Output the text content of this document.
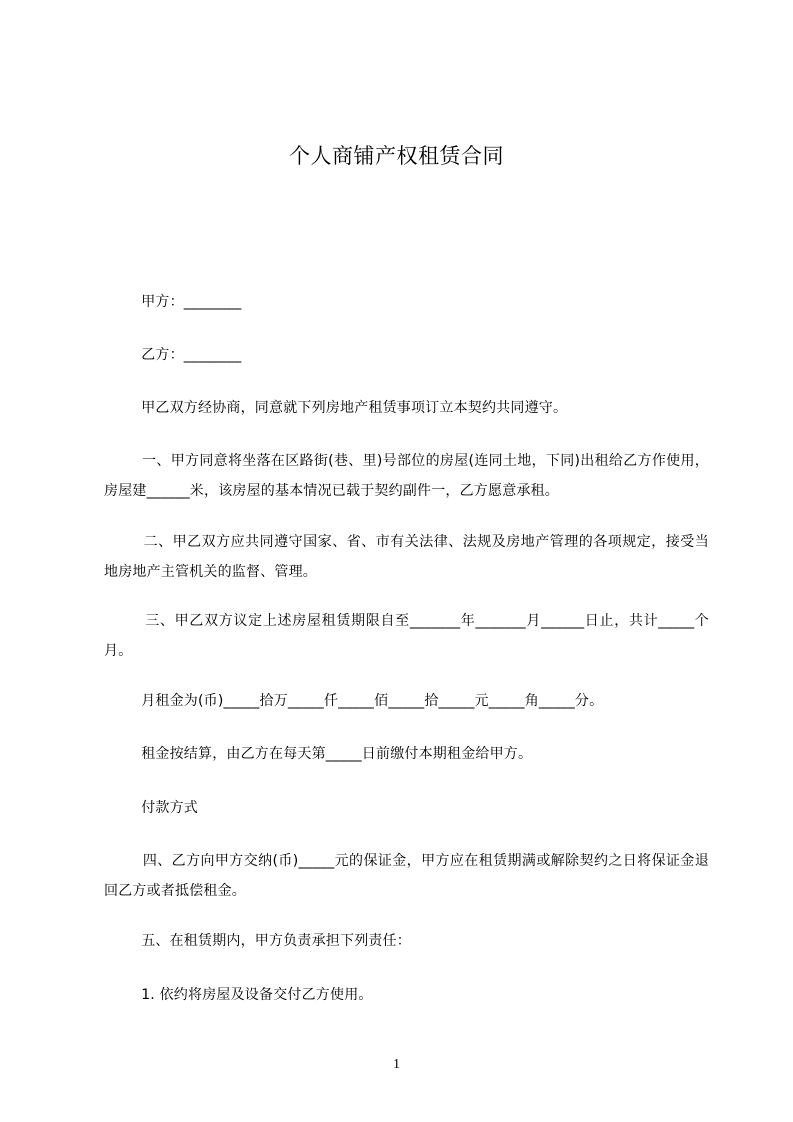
个人商铺产权租赁合同
甲方：________
乙方：________
甲乙双方经协商，同意就下列房地产租赁事项订立本契约共同遵守。
一、甲方同意将坐落在区路街(巷、里)号部位的房屋(连同土地，下同)出租给乙方作使用，房屋建______米，该房屋的基本情况已载于契约副件一，乙方愿意承租。
二、甲乙双方应共同遵守国家、省、市有关法律、法规及房地产管理的各项规定，接受当地房地产主管机关的监督、管理。
三、甲乙双方议定上述房屋租赁期限自至_______年_______月______日止，共计_____个月。
月租金为(币)_____拾万_____仟_____佰_____拾_____元_____角_____分。
租金按结算，由乙方在每天第_____日前缴付本期租金给甲方。
付款方式
四、乙方向甲方交纳(币)_____元的保证金，甲方应在租赁期满或解除契约之日将保证金退回乙方或者抵偿租金。
五、在租赁期内，甲方负责承担下列责任：
1. 依约将房屋及设备交付乙方使用。
1
